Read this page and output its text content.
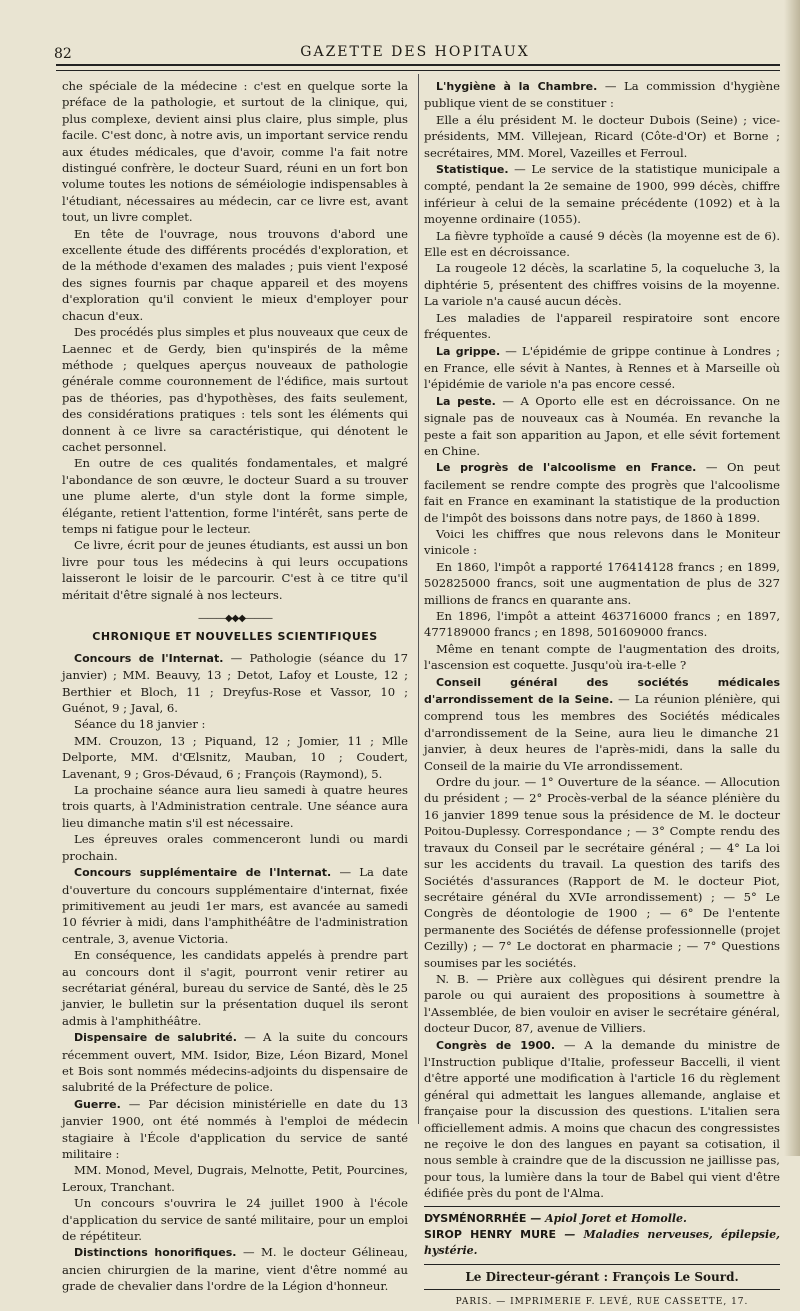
82	GAZETTE DES HOPITAUX

che spéciale de la médecine : c'est en quelque sorte la préface de la pathologie, et surtout de la clinique, qui, plus complexe, devient ainsi plus claire, plus simple, plus facile. C'est donc, à notre avis, un important service rendu aux études médicales, que d'avoir, comme l'a fait notre distingué confrère, le docteur Suard, réuni en un fort bon volume toutes les notions de séméiologie indispensables à l'étudiant, nécessaires au médecin, car ce livre est, avant tout, un livre complet.

En tête de l'ouvrage, nous trouvons d'abord une excellente étude des différents procédés d'exploration, et de la méthode d'examen des malades ; puis vient l'exposé des signes fournis par chaque appareil et des moyens d'exploration qu'il convient le mieux d'employer pour chacun d'eux.

Des procédés plus simples et plus nouveaux que ceux de Laennec et de Gerdy, bien qu'inspirés de la même méthode ; quelques aperçus nouveaux de pathologie générale comme couronnement de l'édifice, mais surtout pas de théories, pas d'hypothèses, des faits seulement, des considérations pratiques : tels sont les éléments qui donnent à ce livre sa caractéristique, qui dénotent le cachet personnel.

En outre de ces qualités fondamentales, et malgré l'abondance de son œuvre, le docteur Suard a su trouver une plume alerte, d'un style dont la forme simple, élégante, retient l'attention, forme l'intérêt, sans perte de temps ni fatigue pour le lecteur.

Ce livre, écrit pour de jeunes étudiants, est aussi un bon livre pour tous les médecins à qui leurs occupations laisseront le loisir de le parcourir. C'est à ce titre qu'il méritait d'être signalé à nos lecteurs.

———◆◆◆———
CHRONIQUE ET NOUVELLES SCIENTIFIQUES

Concours de l'Internat. — Pathologie (séance du 17 janvier) ; MM. Beauvy, 13 ; Detot, Lafoy et Louste, 12 ; Berthier et Bloch, 11 ; Dreyfus-Rose et Vassor, 10 ; Guénot, 9 ; Javal, 6.

Séance du 18 janvier :

MM. Crouzon, 13 ; Piquand, 12 ; Jomier, 11 ; Mlle Delporte, MM. d'Œlsnitz, Mauban, 10 ; Coudert, Lavenant, 9 ; Gros-Dévaud, 6 ; François (Raymond), 5.

La prochaine séance aura lieu samedi à quatre heures trois quarts, à l'Administration centrale. Une séance aura lieu dimanche matin s'il est nécessaire.

Les épreuves orales commenceront lundi ou mardi prochain.

Concours supplémentaire de l'Internat. — La date d'ouverture du concours supplémentaire d'internat, fixée primitivement au jeudi 1er mars, est avancée au samedi 10 février à midi, dans l'amphithéâtre de l'administration centrale, 3, avenue Victoria.

En conséquence, les candidats appelés à prendre part au concours dont il s'agit, pourront venir retirer au secrétariat général, bureau du service de Santé, dès le 25 janvier, le bulletin sur la présentation duquel ils seront admis à l'amphithéâtre.

Dispensaire de salubrité. — A la suite du concours récemment ouvert, MM. Isidor, Bize, Léon Bizard, Monel et Bois sont nommés médecins-adjoints du dispensaire de salubrité de la Préfecture de police.

Guerre. — Par décision ministérielle en date du 13 janvier 1900, ont été nommés à l'emploi de médecin stagiaire à l'École d'application du service de santé militaire :

MM. Monod, Mevel, Dugrais, Melnotte, Petit, Pourcines, Leroux, Tranchant.

Un concours s'ouvrira le 24 juillet 1900 à l'école d'application du service de santé militaire, pour un emploi de répétiteur.

Distinctions honorifiques. — M. le docteur Gélineau, ancien chirurgien de la marine, vient d'être nommé au grade de chevalier dans l'ordre de la Légion d'honneur.

L'hygiène à la Chambre. — La commission d'hygiène publique vient de se constituer :

Elle a élu président M. le docteur Dubois (Seine) ; vice-présidents, MM. Villejean, Ricard (Côte-d'Or) et Borne ; secrétaires, MM. Morel, Vazeilles et Ferroul.

Statistique. — Le service de la statistique municipale a compté, pendant la 2e semaine de 1900, 999 décès, chiffre inférieur à celui de la semaine précédente (1092) et à la moyenne ordinaire (1055).

La fièvre typhoïde a causé 9 décès (la moyenne est de 6). Elle est en décroissance.

La rougeole 12 décès, la scarlatine 5, la coqueluche 3, la diphtérie 5, présentent des chiffres voisins de la moyenne. La variole n'a causé aucun décès.

Les maladies de l'appareil respiratoire sont encore fréquentes.

La grippe. — L'épidémie de grippe continue à Londres ; en France, elle sévit à Nantes, à Rennes et à Marseille où l'épidémie de variole n'a pas encore cessé.

La peste. — A Oporto elle est en décroissance. On ne signale pas de nouveaux cas à Nouméa. En revanche la peste a fait son apparition au Japon, et elle sévit fortement en Chine.

Le progrès de l'alcoolisme en France. — On peut facilement se rendre compte des progrès que l'alcoolisme fait en France en examinant la statistique de la production de l'impôt des boissons dans notre pays, de 1860 à 1899.

Voici les chiffres que nous relevons dans le Moniteur vinicole :

En 1860, l'impôt a rapporté 176414128 francs ; en 1899, 502825000 francs, soit une augmentation de plus de 327 millions de francs en quarante ans.

En 1896, l'impôt a atteint 463716000 francs ; en 1897, 477189000 francs ; en 1898, 501609000 francs.

Même en tenant compte de l'augmentation des droits, l'ascension est coquette. Jusqu'où ira-t-elle ?

Conseil général des sociétés médicales d'arrondissement de la Seine. — La réunion plénière, qui comprend tous les membres des Sociétés médicales d'arrondissement de la Seine, aura lieu le dimanche 21 janvier, à deux heures de l'après-midi, dans la salle du Conseil de la mairie du VIe arrondissement.

Ordre du jour. — 1° Ouverture de la séance. — Allocution du président ; — 2° Procès-verbal de la séance plénière du 16 janvier 1899 tenue sous la présidence de M. le docteur Poitou-Duplessy. Correspondance ; — 3° Compte rendu des travaux du Conseil par le secrétaire général ; — 4° La loi sur les accidents du travail. La question des tarifs des Sociétés d'assurances (Rapport de M. le docteur Piot, secrétaire général du XVIe arrondissement) ; — 5° Le Congrès de déontologie de 1900 ; — 6° De l'entente permanente des Sociétés de défense professionnelle (projet Cezilly) ; — 7° Le doctorat en pharmacie ; — 7° Questions soumises par les sociétés.

N. B. — Prière aux collègues qui désirent prendre la parole ou qui auraient des propositions à soumettre à l'Assemblée, de bien vouloir en aviser le secrétaire général, docteur Ducor, 87, avenue de Villiers.

Congrès de 1900. — A la demande du ministre de l'Instruction publique d'Italie, professeur Baccelli, il vient d'être apporté une modification à l'article 16 du règlement général qui admettait les langues allemande, anglaise et française pour la discussion des questions. L'italien sera officiellement admis. A moins que chacun des congressistes ne reçoive le don des langues en payant sa cotisation, il nous semble à craindre que de la discussion ne jaillisse pas, pour tous, la lumière dans la tour de Babel qui vient d'être édifiée près du pont de l'Alma.

DYSMÉNORRHÉE — Apiol Joret et Homolle.

SIROP HENRY MURE — Maladies nerveuses, épilepsie, hystérie.

Le Directeur-gérant : François Le Sourd.

PARIS. — IMPRIMERIE F. LEVÉ, RUE CASSETTE, 17.
